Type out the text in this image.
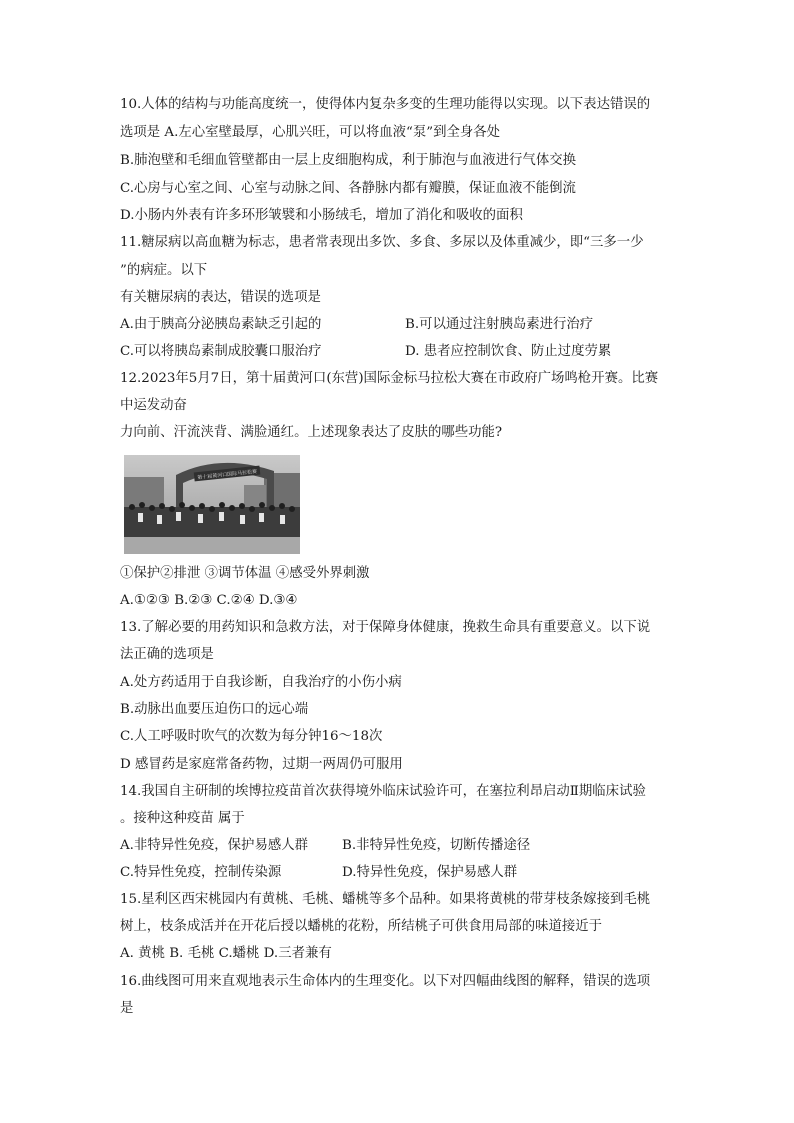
10.人体的结构与功能高度统一，使得体内复杂多变的生理功能得以实现。以下表达错误的
选项是 A.左心室壁最厚，心肌兴旺，可以将血液“泵”到全身各处
B.肺泡壁和毛细血管壁都由一层上皮细胞构成，利于肺泡与血液进行气体交换
C.心房与心室之间、心室与动脉之间、各静脉内都有瓣膜，保证血液不能倒流
D.小肠内外表有许多环形皱襞和小肠绒毛，增加了消化和吸收的面积
11.糖尿病以高血糖为标志，患者常表现出多饮、多食、多尿以及体重减少，即“三多一少
”的病症。以下
有关糖尿病的表达，错误的选项是
A.由于胰高分泌胰岛素缺乏引起的	B.可以通过注射胰岛素进行治疗
C.可以将胰岛素制成胶囊口服治疗	D. 患者应控制饮食、防止过度劳累
12.2023年5月7日，第十届黄河口(东营)国际金标马拉松大赛在市政府广场鸣枪开赛。比赛
中运发动奋
力向前、汗流浃背、满脸通红。上述现象表达了皮肤的哪些功能?
第十届黄河口国际马拉松赛
①保护②排泄 ③调节体温 ④感受外界刺激
A.①②③ B.②③ C.②④ D.③④
13.了解必要的用药知识和急救方法，对于保障身体健康，挽救生命具有重要意义。以下说
法正确的选项是
A.处方药适用于自我诊断，自我治疗的小伤小病
B.动脉出血要压迫伤口的远心端
C.人工呼吸时吹气的次数为每分钟16～18次
D 感冒药是家庭常备药物，过期一两周仍可服用
14.我国自主研制的埃博拉疫苗首次获得境外临床试验许可，在塞拉利昂启动Ⅱ期临床试验
。接种这种疫苗 属于
A.非特异性免疫，保护易感人群	B.非特异性免疫，切断传播途径
C.特异性免疫，控制传染源	D.特异性免疫，保护易感人群
15.星利区西宋桃园内有黄桃、毛桃、蟠桃等多个品种。如果将黄桃的带芽枝条嫁接到毛桃
树上，枝条成活并在开花后授以蟠桃的花粉，所结桃子可供食用局部的味道接近于
A. 黄桃 B. 毛桃 C.蟠桃 D.三者兼有
16.曲线图可用来直观地表示生命体内的生理变化。以下对四幅曲线图的解释，错误的选项
是
